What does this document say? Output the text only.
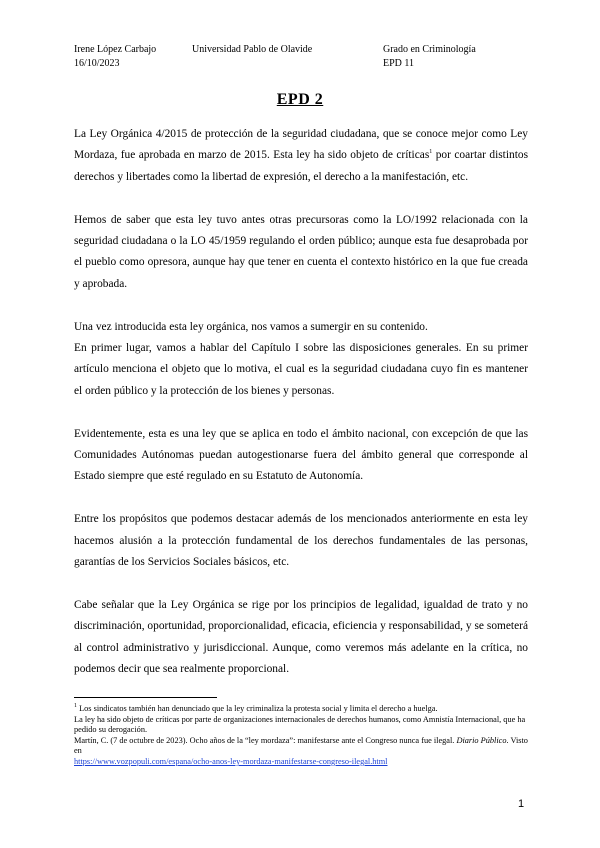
Irene López Carbajo
16/10/2023
Universidad Pablo de Olavide	Grado en Criminología
EPD 11
EPD 2

La Ley Orgánica 4/2015 de protección de la seguridad ciudadana, que se conoce mejor como Ley Mordaza, fue aprobada en marzo de 2015. Esta ley ha sido objeto de críticas$^1$ por coartar distintos derechos y libertades como la libertad de expresión, el derecho a la manifestación, etc.

Hemos de saber que esta ley tuvo antes otras precursoras como la LO/1992 relacionada con la seguridad ciudadana o la LO 45/1959 regulando el orden público; aunque esta fue desaprobada por el pueblo como opresora, aunque hay que tener en cuenta el contexto histórico en la que fue creada y aprobada.

Una vez introducida esta ley orgánica, nos vamos a sumergir en su contenido.

En primer lugar, vamos a hablar del Capítulo I sobre las disposiciones generales. En su primer artículo menciona el objeto que lo motiva, el cual es la seguridad ciudadana cuyo fin es mantener el orden público y la protección de los bienes y personas.

Evidentemente, esta es una ley que se aplica en todo el ámbito nacional, con excepción de que las Comunidades Autónomas puedan autogestionarse fuera del ámbito general que corresponde al Estado siempre que esté regulado en su Estatuto de Autonomía.

Entre los propósitos que podemos destacar además de los mencionados anteriormente en esta ley hacemos alusión a la protección fundamental de los derechos fundamentales de las personas, garantías de los Servicios Sociales básicos, etc.

Cabe señalar que la Ley Orgánica se rige por los principios de legalidad, igualdad de trato y no discriminación, oportunidad, proporcionalidad, eficacia, eficiencia y responsabilidad, y se someterá al control administrativo y jurisdiccional. Aunque, como veremos más adelante en la crítica, no podemos decir que sea realmente proporcional.

$^1$ Los sindicatos también han denunciado que la ley criminaliza la protesta social y limita el derecho a huelga.

La ley ha sido objeto de críticas por parte de organizaciones internacionales de derechos humanos, como Amnistía Internacional, que ha pedido su derogación.

Martín, C. (7 de octubre de 2023). Ocho años de la “ley mordaza”: manifestarse ante el Congreso nunca fue ilegal. Diario Público. Visto en

https://www.vozpopuli.com/espana/ocho-anos-ley-mordaza-manifestarse-congreso-ilegal.html

1
